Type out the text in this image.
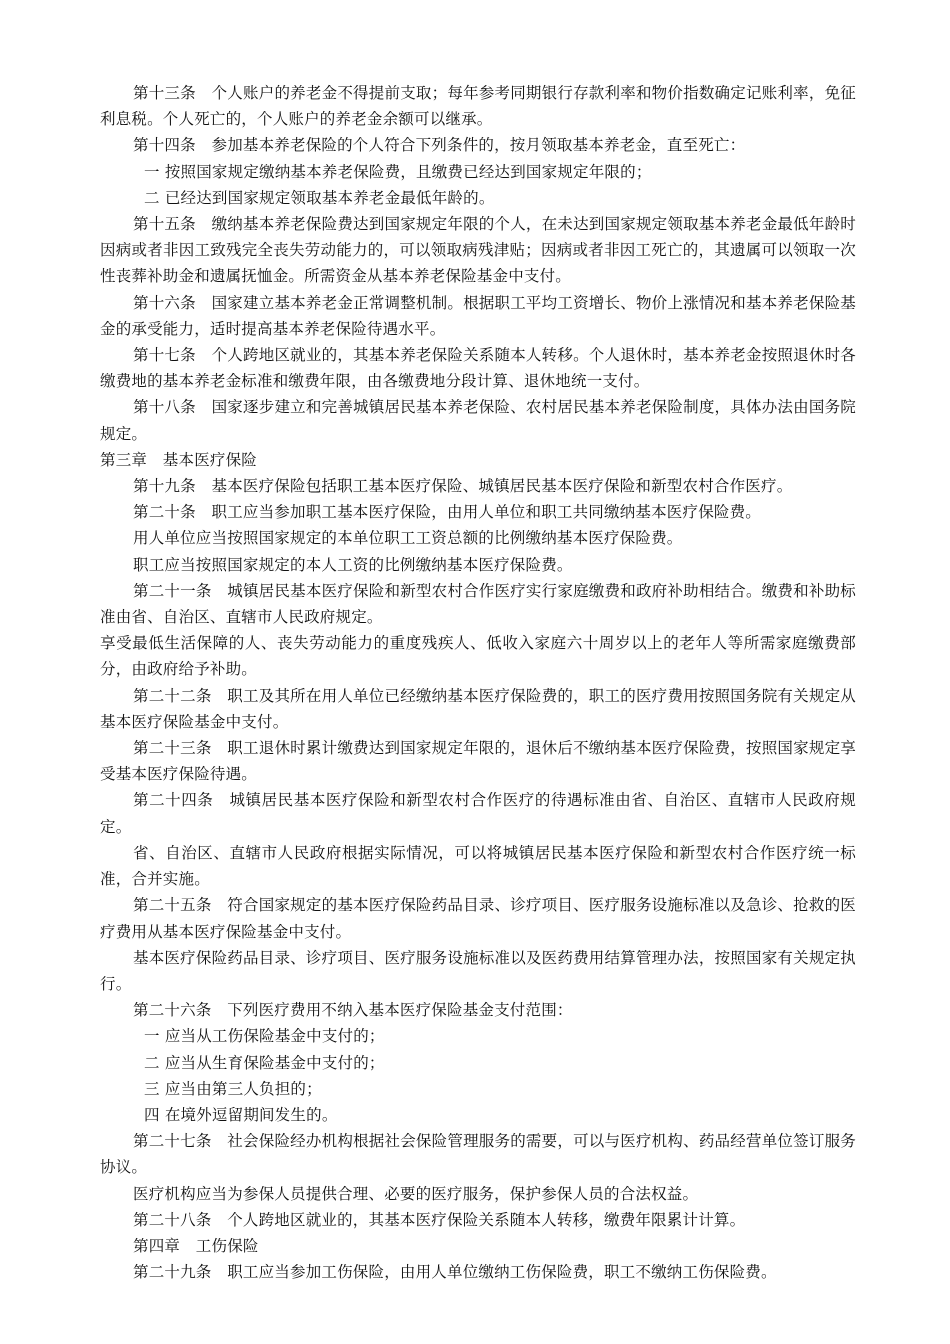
第十三条　个人账户的养老金不得提前支取；每年参考同期银行存款利率和物价指数确定记账利率，免征利息税。个人死亡的，个人账户的养老金余额可以继承。
第十四条　参加基本养老保险的个人符合下列条件的，按月领取基本养老金，直至死亡：
一 按照国家规定缴纳基本养老保险费，且缴费已经达到国家规定年限的；
二 已经达到国家规定领取基本养老金最低年龄的。
第十五条　缴纳基本养老保险费达到国家规定年限的个人，在未达到国家规定领取基本养老金最低年龄时因病或者非因工致残完全丧失劳动能力的，可以领取病残津贴；因病或者非因工死亡的，其遗属可以领取一次性丧葬补助金和遗属抚恤金。所需资金从基本养老保险基金中支付。
第十六条　国家建立基本养老金正常调整机制。根据职工平均工资增长、物价上涨情况和基本养老保险基金的承受能力，适时提高基本养老保险待遇水平。
第十七条　个人跨地区就业的，其基本养老保险关系随本人转移。个人退休时，基本养老金按照退休时各缴费地的基本养老金标准和缴费年限，由各缴费地分段计算、退休地统一支付。
第十八条　国家逐步建立和完善城镇居民基本养老保险、农村居民基本养老保险制度，具体办法由国务院规定。
第三章　基本医疗保险
第十九条　基本医疗保险包括职工基本医疗保险、城镇居民基本医疗保险和新型农村合作医疗。
第二十条　职工应当参加职工基本医疗保险，由用人单位和职工共同缴纳基本医疗保险费。
用人单位应当按照国家规定的本单位职工工资总额的比例缴纳基本医疗保险费。
职工应当按照国家规定的本人工资的比例缴纳基本医疗保险费。
第二十一条　城镇居民基本医疗保险和新型农村合作医疗实行家庭缴费和政府补助相结合。缴费和补助标准由省、自治区、直辖市人民政府规定。
享受最低生活保障的人、丧失劳动能力的重度残疾人、低收入家庭六十周岁以上的老年人等所需家庭缴费部分，由政府给予补助。
第二十二条　职工及其所在用人单位已经缴纳基本医疗保险费的，职工的医疗费用按照国务院有关规定从基本医疗保险基金中支付。
第二十三条　职工退休时累计缴费达到国家规定年限的，退休后不缴纳基本医疗保险费，按照国家规定享受基本医疗保险待遇。
第二十四条　城镇居民基本医疗保险和新型农村合作医疗的待遇标准由省、自治区、直辖市人民政府规定。
省、自治区、直辖市人民政府根据实际情况，可以将城镇居民基本医疗保险和新型农村合作医疗统一标准，合并实施。
第二十五条　符合国家规定的基本医疗保险药品目录、诊疗项目、医疗服务设施标准以及急诊、抢救的医疗费用从基本医疗保险基金中支付。
基本医疗保险药品目录、诊疗项目、医疗服务设施标准以及医药费用结算管理办法，按照国家有关规定执行。
第二十六条　下列医疗费用不纳入基本医疗保险基金支付范围：
一 应当从工伤保险基金中支付的；
二 应当从生育保险基金中支付的；
三 应当由第三人负担的；
四 在境外逗留期间发生的。
第二十七条　社会保险经办机构根据社会保险管理服务的需要，可以与医疗机构、药品经营单位签订服务协议。
医疗机构应当为参保人员提供合理、必要的医疗服务，保护参保人员的合法权益。
第二十八条　个人跨地区就业的，其基本医疗保险关系随本人转移，缴费年限累计计算。
第四章　工伤保险
第二十九条　职工应当参加工伤保险，由用人单位缴纳工伤保险费，职工不缴纳工伤保险费。
